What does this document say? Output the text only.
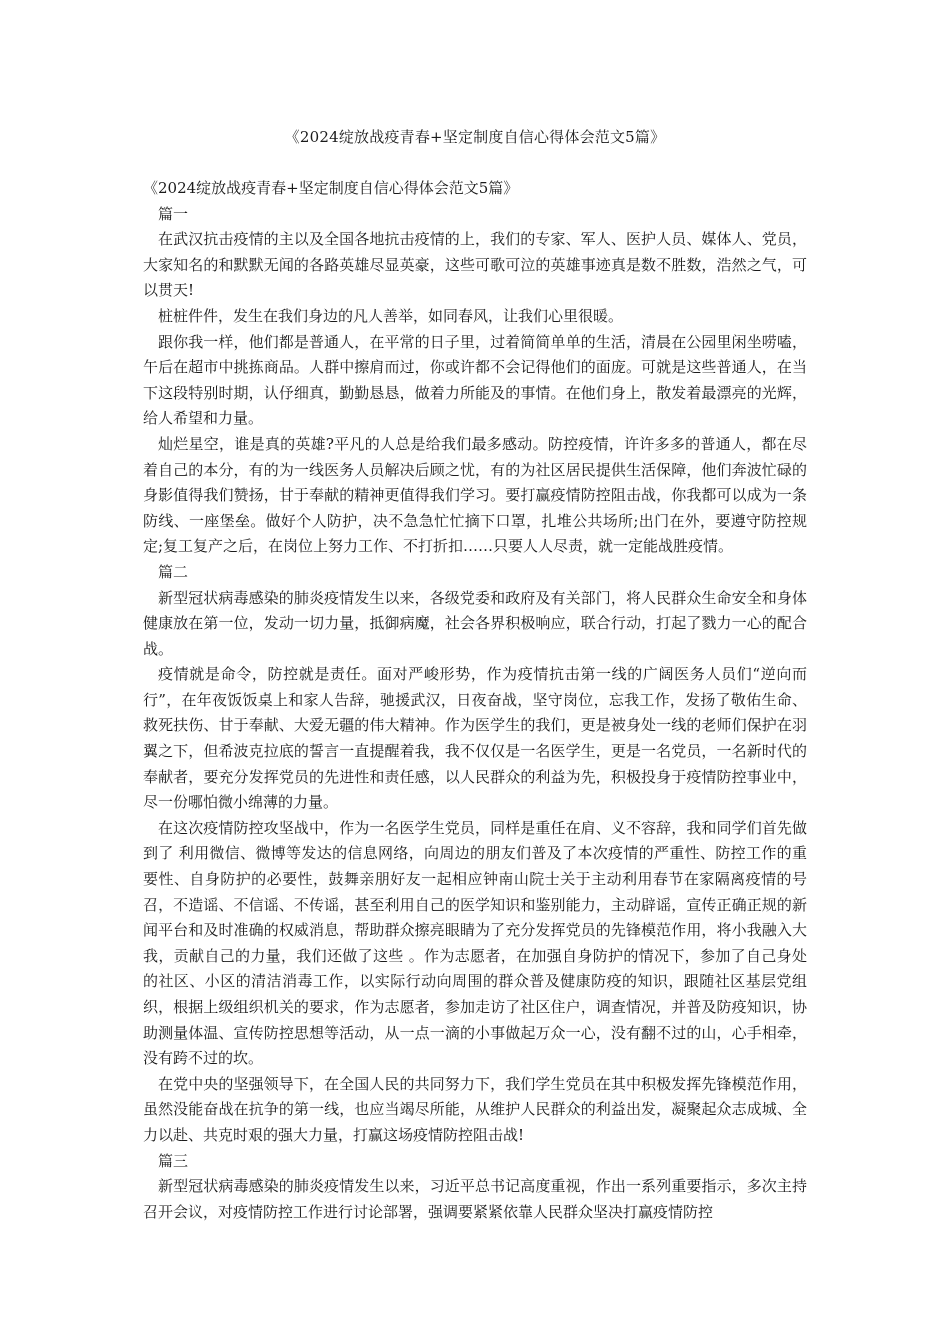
《2024绽放战疫青春+坚定制度自信心得体会范文5篇》

《2024绽放战疫青春+坚定制度自信心得体会范文5篇》

篇一

在武汉抗击疫情的主以及全国各地抗击疫情的上，我们的专家、军人、医护人员、媒体人、党员，大家知名的和默默无闻的各路英雄尽显英豪，这些可歌可泣的英雄事迹真是数不胜数，浩然之气，可以贯天!

桩桩件件，发生在我们身边的凡人善举，如同春风，让我们心里很暖。

跟你我一样，他们都是普通人，在平常的日子里，过着简简单单的生活，清晨在公园里闲坐唠嗑，午后在超市中挑拣商品。人群中擦肩而过，你或许都不会记得他们的面庞。可就是这些普通人，在当下这段特别时期，认伃细真，勤勤恳恳，做着力所能及的事情。在他们身上，散发着最漂亮的光辉，给人希望和力量。

灿烂星空，谁是真的英雄?平凡的人总是给我们最多感动。防控疫情，许许多多的普通人，都在尽着自己的本分，有的为一线医务人员解决后顾之忧，有的为社区居民提供生活保障，他们奔波忙碌的身影值得我们赞扬，甘于奉献的精神更值得我们学习。要打赢疫情防控阻击战，你我都可以成为一条防线、一座堡垒。做好个人防护，决不急急忙忙摘下口罩，扎堆公共场所;出门在外，要遵守防控规定;复工复产之后，在岗位上努力工作、不打折扣……只要人人尽责，就一定能战胜疫情。

篇二

新型冠状病毒感染的肺炎疫情发生以来，各级党委和政府及有关部门，将人民群众生命安全和身体健康放在第一位，发动一切力量，抵御病魔，社会各界积极响应，联合行动，打起了戮力一心的配合战。

疫情就是命令，防控就是责任。面对严峻形势，作为疫情抗击第一线的广阔医务人员们“逆向而行”，在年夜饭饭桌上和家人告辞，驰援武汉，日夜奋战，坚守岗位，忘我工作，发扬了敬佑生命、救死扶伤、甘于奉献、大爱无疆的伟大精神。作为医学生的我们，更是被身处一线的老师们保护在羽翼之下，但希波克拉底的誓言一直提醒着我，我不仅仅是一名医学生，更是一名党员，一名新时代的奉献者，要充分发挥党员的先进性和责任感，以人民群众的利益为先，积极投身于疫情防控事业中，尽一份哪怕微小绵薄的力量。

在这次疫情防控攻坚战中，作为一名医学生党员，同样是重任在肩、义不容辞，我和同学们首先做到了 利用微信、微博等发达的信息网络，向周边的朋友们普及了本次疫情的严重性、防控工作的重要性、自身防护的必要性，鼓舞亲朋好友一起相应钟南山院士关于主动利用春节在家隔离疫情的号召，不造谣、不信谣、不传谣，甚至利用自己的医学知识和鉴别能力，主动辟谣，宣传正确正规的新闻平台和及时准确的权威消息，帮助群众擦亮眼睛为了充分发挥党员的先锋模范作用，将小我融入大我，贡献自己的力量，我们还做了这些 。作为志愿者，在加强自身防护的情况下，参加了自己身处的社区、小区的清洁消毒工作，以实际行动向周围的群众普及健康防疫的知识，跟随社区基层党组织，根据上级组织机关的要求，作为志愿者，参加走访了社区住户，调查情况，并普及防疫知识，协助测量体温、宣传防控思想等活动，从一点一滴的小事做起万众一心，没有翻不过的山，心手相牵，没有跨不过的坎。

在党中央的坚强领导下，在全国人民的共同努力下，我们学生党员在其中积极发挥先锋模范作用，虽然没能奋战在抗争的第一线，也应当竭尽所能，从维护人民群众的利益出发，凝聚起众志成城、全力以赴、共克时艰的强大力量，打赢这场疫情防控阻击战!

篇三

新型冠状病毒感染的肺炎疫情发生以来，习近平总书记高度重视，作出一系列重要指示，多次主持召开会议，对疫情防控工作进行讨论部署，强调要紧紧依靠人民群众坚决打赢疫情防控
